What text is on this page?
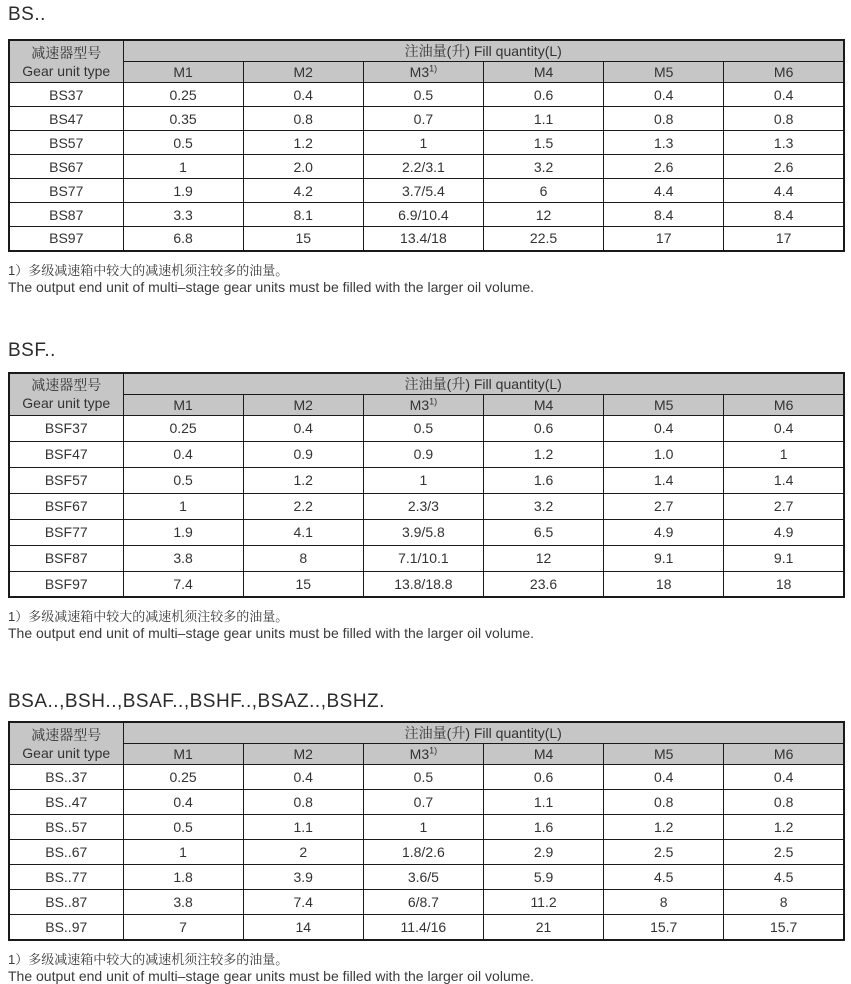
BS..
减速器型号
Gear unit type	注油量(升) Fill quantity(L)					
	M1	M2	M3$^{1)}$	M4	M5	M6
BS37	0.25	0.4	0.5	0.6	0.4	0.4
BS47	0.35	0.8	0.7	1.1	0.8	0.8
BS57	0.5	1.2	1	1.5	1.3	1.3
BS67	1	2.0	2.2/3.1	3.2	2.6	2.6
BS77	1.9	4.2	3.7/5.4	6	4.4	4.4
BS87	3.3	8.1	6.9/10.4	12	8.4	8.4
BS97	6.8	15	13.4/18	22.5	17	17

1）多级减速箱中较大的减速机须注较多的油量。

The output end unit of multi–stage gear units must be filled with the larger oil volume.

BSF..
减速器型号
Gear unit type	注油量(升) Fill quantity(L)					
	M1	M2	M3$^{1)}$	M4	M5	M6
BSF37	0.25	0.4	0.5	0.6	0.4	0.4
BSF47	0.4	0.9	0.9	1.2	1.0	1
BSF57	0.5	1.2	1	1.6	1.4	1.4
BSF67	1	2.2	2.3/3	3.2	2.7	2.7
BSF77	1.9	4.1	3.9/5.8	6.5	4.9	4.9
BSF87	3.8	8	7.1/10.1	12	9.1	9.1
BSF97	7.4	15	13.8/18.8	23.6	18	18

1）多级减速箱中较大的减速机须注较多的油量。

The output end unit of multi–stage gear units must be filled with the larger oil volume.

BSA..,BSH..,BSAF..,BSHF..,BSAZ..,BSHZ.
减速器型号
Gear unit type	注油量(升) Fill quantity(L)					
	M1	M2	M3$^{1)}$	M4	M5	M6
BS..37	0.25	0.4	0.5	0.6	0.4	0.4
BS..47	0.4	0.8	0.7	1.1	0.8	0.8
BS..57	0.5	1.1	1	1.6	1.2	1.2
BS..67	1	2	1.8/2.6	2.9	2.5	2.5
BS..77	1.8	3.9	3.6/5	5.9	4.5	4.5
BS..87	3.8	7.4	6/8.7	11.2	8	8
BS..97	7	14	11.4/16	21	15.7	15.7

1）多级减速箱中较大的减速机须注较多的油量。

The output end unit of multi–stage gear units must be filled with the larger oil volume.
